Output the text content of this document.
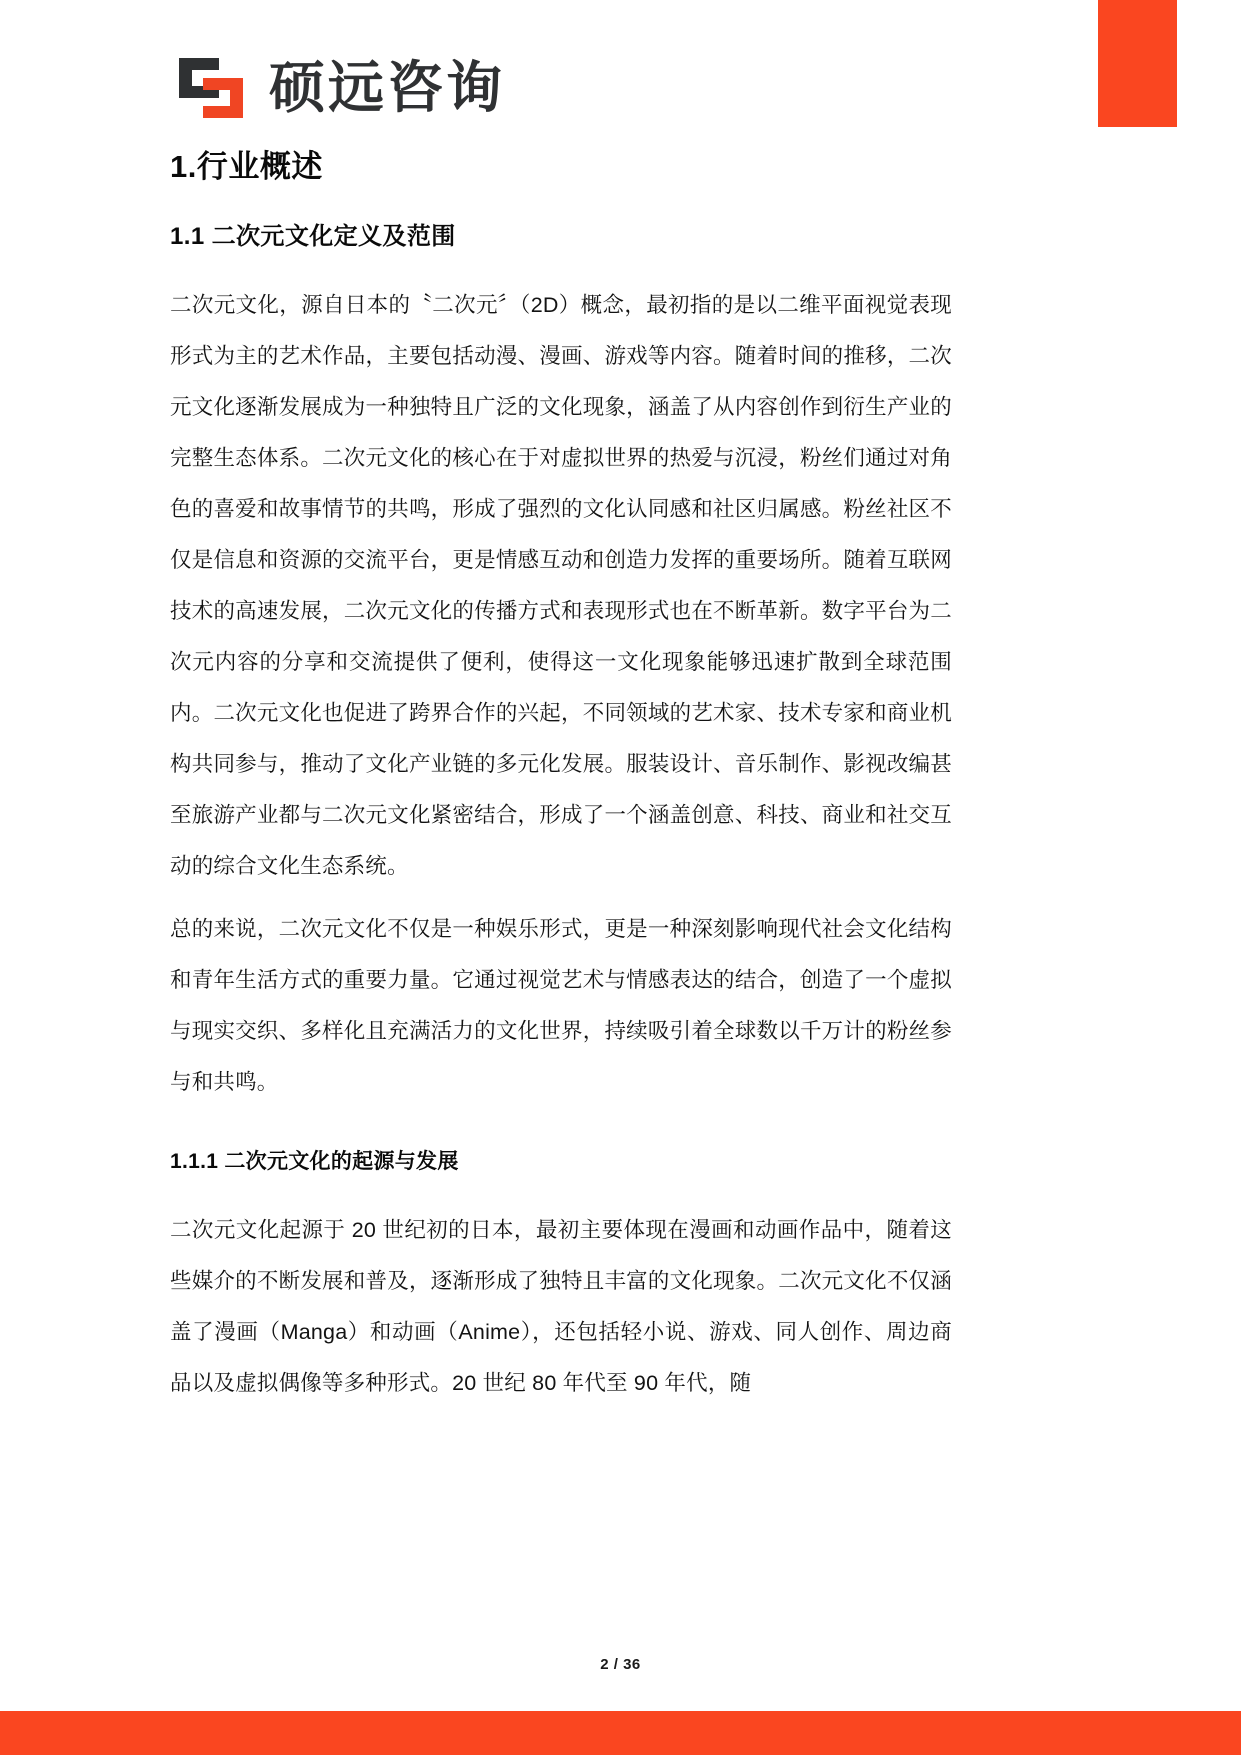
硕远咨询
1.行业概述
1.1 二次元文化定义及范围

二次元文化，源自日本的〝二次元〞（2D）概念，最初指的是以二维平面视觉表现形式为主的艺术作品，主要包括动漫、漫画、游戏等内容。随着时间的推移，二次元文化逐渐发展成为一种独特且广泛的文化现象，涵盖了从内容创作到衍生产业的完整生态体系。二次元文化的核心在于对虚拟世界的热爱与沉浸，粉丝们通过对角色的喜爱和故事情节的共鸣，形成了强烈的文化认同感和社区归属感。粉丝社区不仅是信息和资源的交流平台，更是情感互动和创造力发挥的重要场所。随着互联网技术的高速发展，二次元文化的传播方式和表现形式也在不断革新。数字平台为二次元内容的分享和交流提供了便利，使得这一文化现象能够迅速扩散到全球范围内。二次元文化也促进了跨界合作的兴起，不同领域的艺术家、技术专家和商业机构共同参与，推动了文化产业链的多元化发展。服装设计、音乐制作、影视改编甚至旅游产业都与二次元文化紧密结合，形成了一个涵盖创意、科技、商业和社交互动的综合文化生态系统。

总的来说，二次元文化不仅是一种娱乐形式，更是一种深刻影响现代社会文化结构和青年生活方式的重要力量。它通过视觉艺术与情感表达的结合，创造了一个虚拟与现实交织、多样化且充满活力的文化世界，持续吸引着全球数以千万计的粉丝参与和共鸣。

1.1.1 二次元文化的起源与发展

二次元文化起源于 20 世纪初的日本，最初主要体现在漫画和动画作品中，随着这些媒介的不断发展和普及，逐渐形成了独特且丰富的文化现象。二次元文化不仅涵盖了漫画（Manga）和动画（Anime），还包括轻小说、游戏、同人创作、周边商品以及虚拟偶像等多种形式。20 世纪 80 年代至 90 年代，随

2 / 36
